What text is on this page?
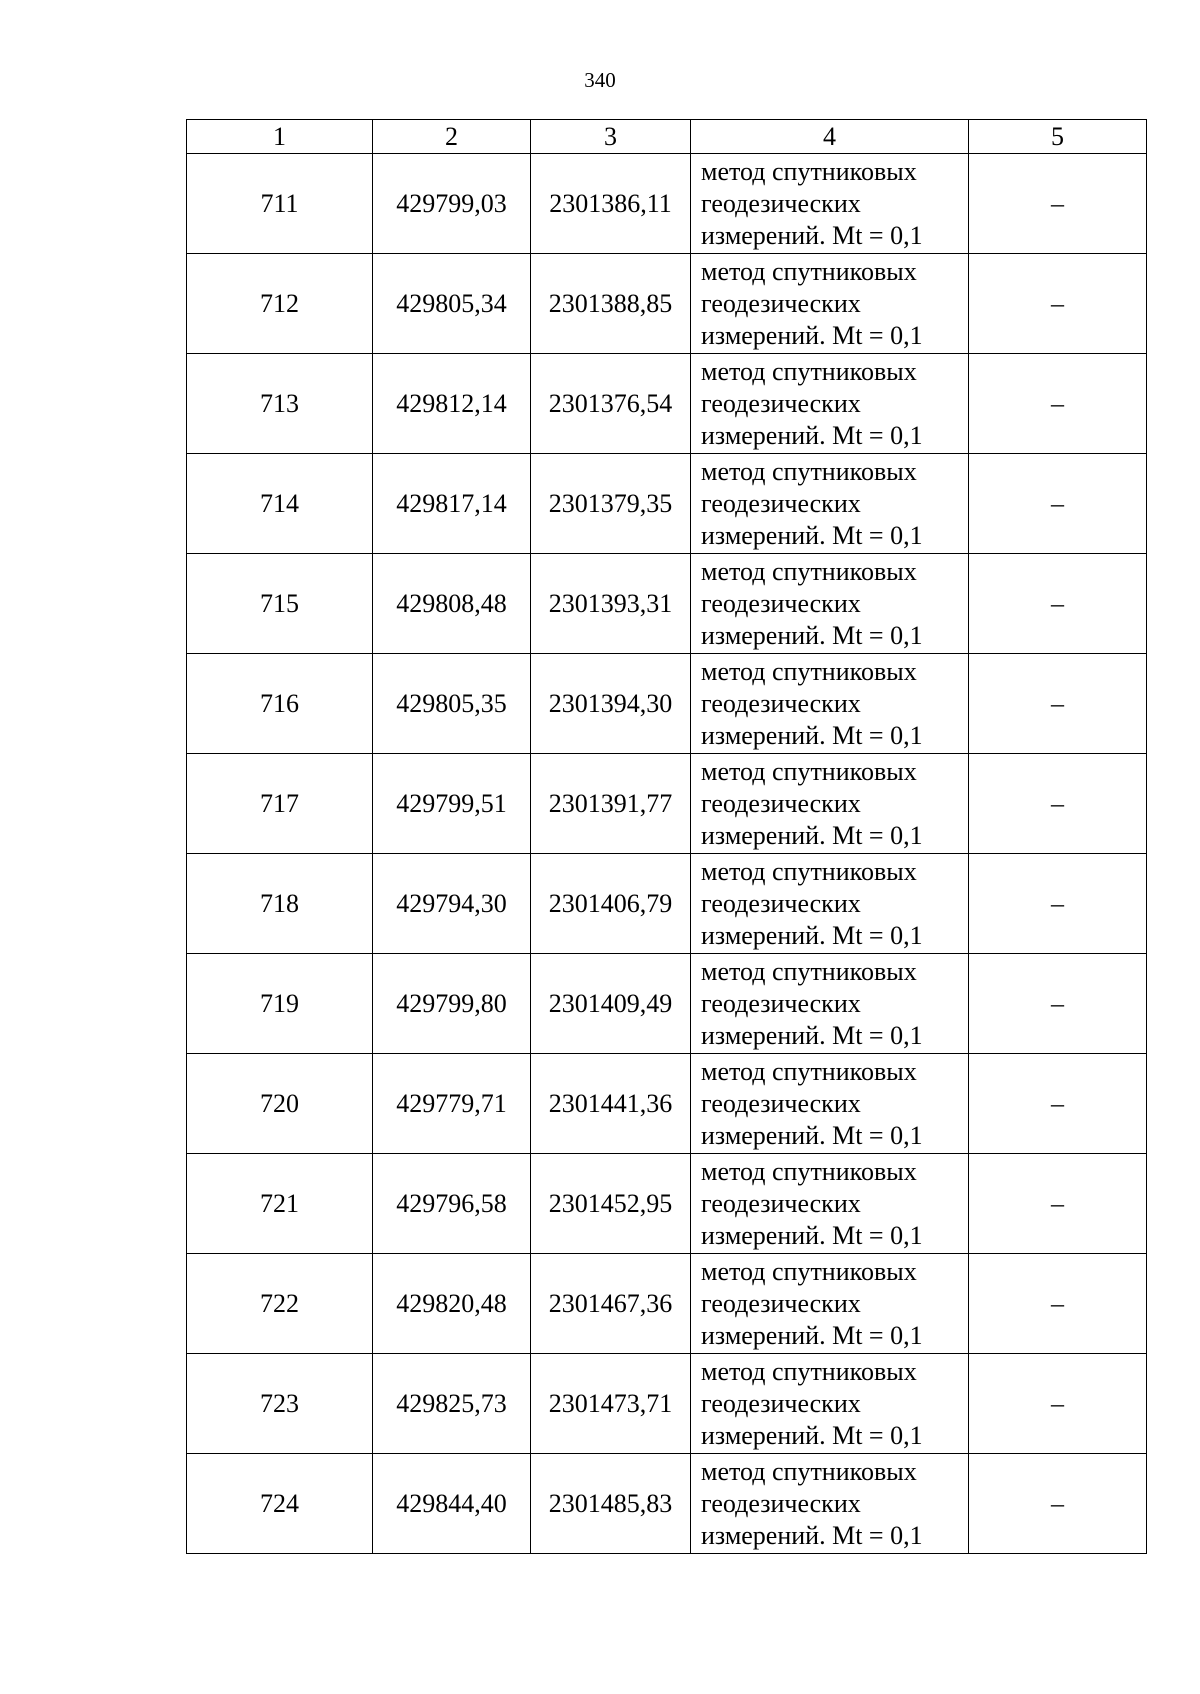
340
1	2	3	4	5
711	429799,03	2301386,11	метод спутниковых
геодезических
измерений. Mt = 0,1	–
712	429805,34	2301388,85	метод спутниковых
геодезических
измерений. Mt = 0,1	–
713	429812,14	2301376,54	метод спутниковых
геодезических
измерений. Mt = 0,1	–
714	429817,14	2301379,35	метод спутниковых
геодезических
измерений. Mt = 0,1	–
715	429808,48	2301393,31	метод спутниковых
геодезических
измерений. Mt = 0,1	–
716	429805,35	2301394,30	метод спутниковых
геодезических
измерений. Mt = 0,1	–
717	429799,51	2301391,77	метод спутниковых
геодезических
измерений. Mt = 0,1	–
718	429794,30	2301406,79	метод спутниковых
геодезических
измерений. Mt = 0,1	–
719	429799,80	2301409,49	метод спутниковых
геодезических
измерений. Mt = 0,1	–
720	429779,71	2301441,36	метод спутниковых
геодезических
измерений. Mt = 0,1	–
721	429796,58	2301452,95	метод спутниковых
геодезических
измерений. Mt = 0,1	–
722	429820,48	2301467,36	метод спутниковых
геодезических
измерений. Mt = 0,1	–
723	429825,73	2301473,71	метод спутниковых
геодезических
измерений. Mt = 0,1	–
724	429844,40	2301485,83	метод спутниковых
геодезических
измерений. Mt = 0,1	–
